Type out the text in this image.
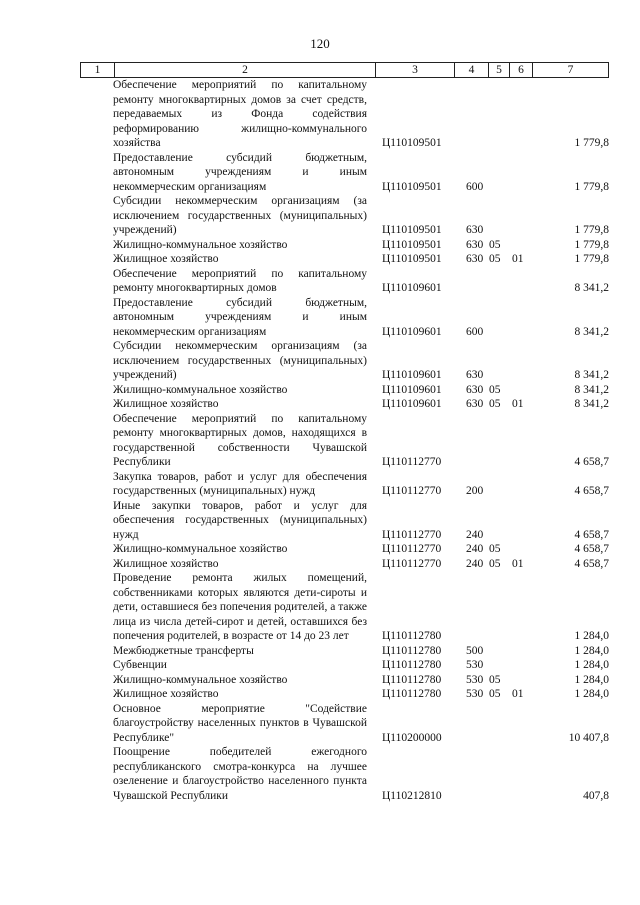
120
1	2	3	4	5	6	7
Обеспечение мероприятий по капитальному ремонту многоквартирных домов за счет средств, передаваемых из Фонда содействия реформированию жилищно-коммунального хозяйства	Ц110109501	1 779,8
Предоставление субсидий бюджетным, автономным учреждениям и иным некоммерческим организациям	Ц110109501 600	1 779,8
Субсидии некоммерческим организациям (за исключением государственных (муниципальных) учреждений)	Ц110109501 630	1 779,8
Жилищно-коммунальное хозяйство	Ц110109501 630 05	1 779,8
Жилищное хозяйство	Ц110109501 630 05 01	1 779,8
Обеспечение мероприятий по капитальному ремонту многоквартирных домов	Ц110109601	8 341,2
Предоставление субсидий бюджетным, автономным учреждениям и иным некоммерческим организациям	Ц110109601 600	8 341,2
Субсидии некоммерческим организациям (за исключением государственных (муниципальных) учреждений)	Ц110109601 630	8 341,2
Жилищно-коммунальное хозяйство	Ц110109601 630 05	8 341,2
Жилищное хозяйство	Ц110109601 630 05 01	8 341,2
Обеспечение мероприятий по капитальному ремонту многоквартирных домов, находящихся в государственной собственности Чувашской Республики	Ц110112770	4 658,7
Закупка товаров, работ и услуг для обеспечения государственных (муниципальных) нужд	Ц110112770 200	4 658,7
Иные закупки товаров, работ и услуг для обеспечения государственных (муниципальных) нужд	Ц110112770 240	4 658,7
Жилищно-коммунальное хозяйство	Ц110112770 240 05	4 658,7
Жилищное хозяйство	Ц110112770 240 05 01	4 658,7
Проведение ремонта жилых помещений, собственниками которых являются дети-сироты и дети, оставшиеся без попечения родителей, а также лица из числа детей-сирот и детей, оставшихся без попечения родителей, в возрасте от 14 до 23 лет	Ц110112780	1 284,0
Межбюджетные трансферты	Ц110112780 500	1 284,0
Субвенции	Ц110112780 530	1 284,0
Жилищно-коммунальное хозяйство	Ц110112780 530 05	1 284,0
Жилищное хозяйство	Ц110112780 530 05 01	1 284,0
Основное мероприятие "Содействие благоустройству населенных пунктов в Чувашской Республике"	Ц110200000	10 407,8
Поощрение победителей ежегодного республиканского смотра-конкурса на лучшее озеленение и благоустройство населенного пункта Чувашской Республики	Ц110212810	407,8
